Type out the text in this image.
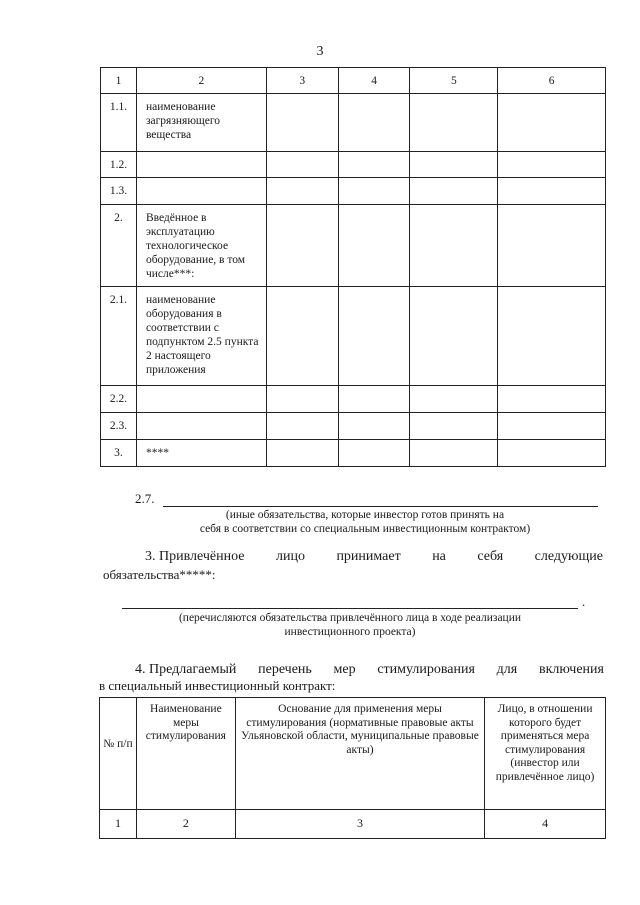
3
1	2	3	4	5	6
1.1.	наименование загрязняющего вещества				
1.2.					
1.3.					
2.	Введённое в эксплуатацию технологическое оборудование, в том числе***:				
2.1.	наименование оборудования в соответствии с подпунктом 2.5 пункта 2 настоящего приложения				
2.2.					
2.3.					
3.	****				
2.7.
(иные обязательства, которые инвестор готов принять на
себя в соответствии со специальным инвестиционным контрактом)
3. Привлечённое лицо принимает на себя следующие
обязательства*****:
.
(перечисляются обязательства привлечённого лица в ходе реализации
инвестиционного проекта)
4. Предлагаемый перечень мер стимулирования для включения
в специальный инвестиционный контракт:
№ п/п	Наименование меры стимулирования	Основание для применения меры стимулирования (нормативные правовые акты Ульяновской области, муниципальные правовые акты)	Лицо, в отношении которого будет применяться мера стимулирования (инвестор или привлечённое лицо)
1	2	3	4
